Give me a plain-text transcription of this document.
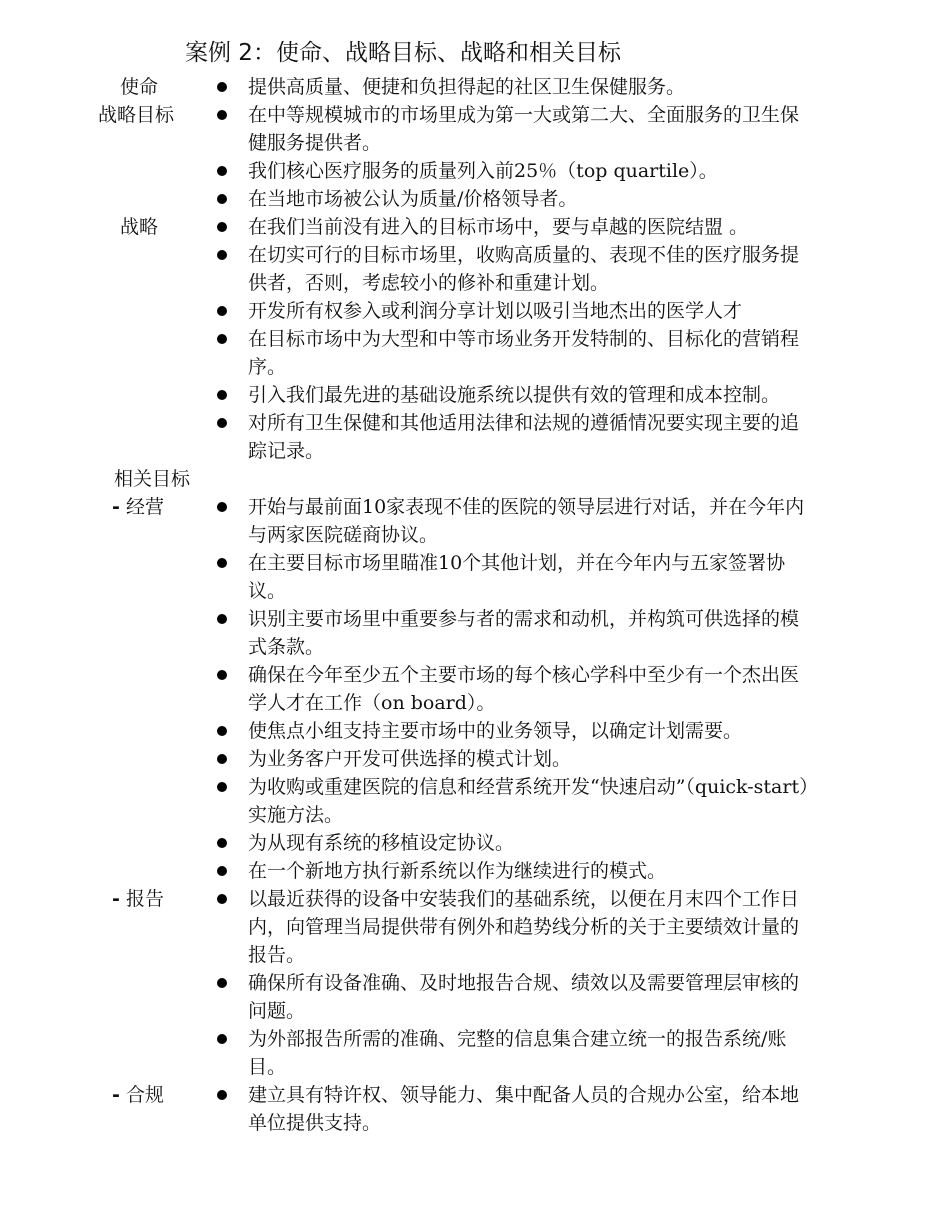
案例 2：使命、战略目标、战略和相关目标
使命	提供高质量、便捷和负担得起的社区卫生保健服务。
战略目标	在中等规模城市的市场里成为第一大或第二大、全面服务的卫生保健服务提供者。
我们核心医疗服务的质量列入前25％（top quartile）。
在当地市场被公认为质量/价格领导者。
战略	在我们当前没有进入的目标市场中，要与卓越的医院结盟 。
在切实可行的目标市场里，收购高质量的、表现不佳的医疗服务提供者，否则，考虑较小的修补和重建计划。
开发所有权参入或利润分享计划以吸引当地杰出的医学人才
在目标市场中为大型和中等市场业务开发特制的、目标化的营销程序。
引入我们最先进的基础设施系统以提供有效的管理和成本控制。
对所有卫生保健和其他适用法律和法规的遵循情况要实现主要的追踪记录。
相关目标
- 经营	开始与最前面10家表现不佳的医院的领导层进行对话，并在今年内与两家医院磋商协议。
在主要目标市场里瞄准10个其他计划，并在今年内与五家签署协议。
识别主要市场里中重要参与者的需求和动机，并构筑可供选择的模式条款。
确保在今年至少五个主要市场的每个核心学科中至少有一个杰出医学人才在工作（on board）。
使焦点小组支持主要市场中的业务领导，以确定计划需要。
为业务客户开发可供选择的模式计划。
为收购或重建医院的信息和经营系统开发“快速启动”（quick-start）实施方法。
为从现有系统的移植设定协议。
在一个新地方执行新系统以作为继续进行的模式。
- 报告	以最近获得的设备中安装我们的基础系统，以便在月末四个工作日内，向管理当局提供带有例外和趋势线分析的关于主要绩效计量的报告。
确保所有设备准确、及时地报告合规、绩效以及需要管理层审核的问题。
为外部报告所需的准确、完整的信息集合建立统一的报告系统/账目。
- 合规	建立具有特许权、领导能力、集中配备人员的合规办公室，给本地单位提供支持。
